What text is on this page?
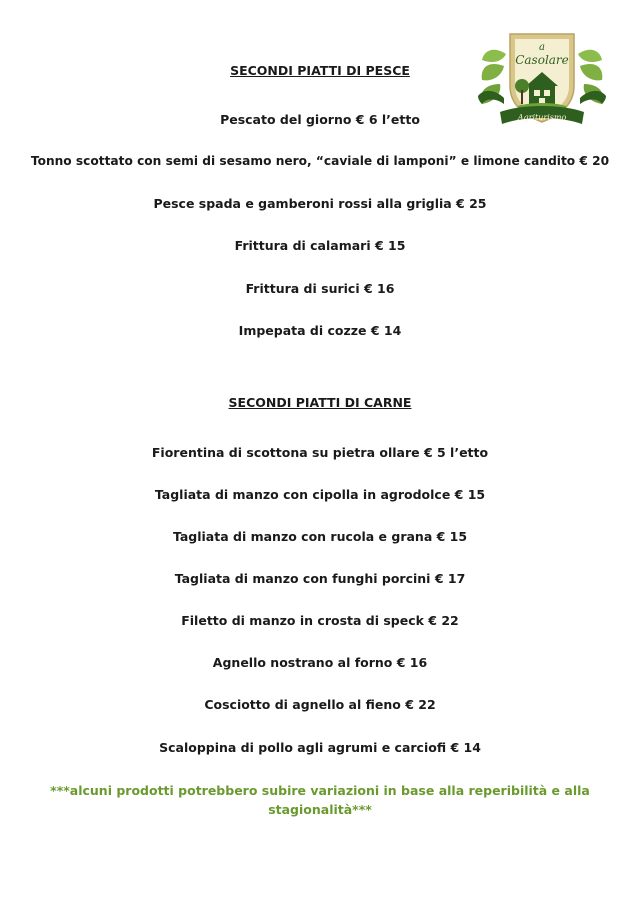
Agriturismo
a
Casolare
SECONDI PIATTI DI PESCE
Pescato del giorno € 6 l’etto
Tonno scottato con semi di sesamo nero, “caviale di lamponi” e limone candito € 20
Pesce spada e gamberoni rossi alla griglia € 25
Frittura di calamari € 15
Frittura di surici € 16
Impepata di cozze € 14
SECONDI PIATTI DI CARNE
Fiorentina di scottona su pietra ollare € 5 l’etto
Tagliata di manzo con cipolla in agrodolce € 15
Tagliata di manzo con rucola e grana € 15
Tagliata di manzo con funghi porcini € 17
Filetto di manzo in crosta di speck € 22
Agnello nostrano al forno € 16
Cosciotto di agnello al fieno € 22
Scaloppina di pollo agli agrumi e carciofi € 14
***alcuni prodotti potrebbero subire variazioni in base alla reperibilità e alla stagionalità***
